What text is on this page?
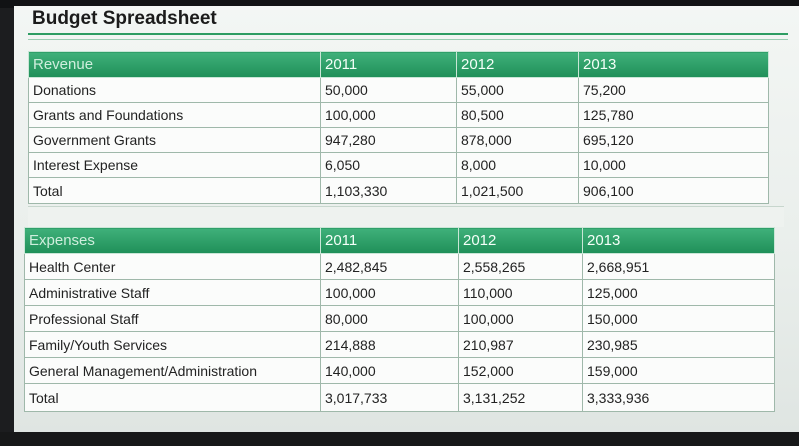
Budget Spreadsheet
Revenue	2011	2012	2013
Donations	50,000	55,000	75,200
Grants and Foundations	100,000	80,500	125,780
Government Grants	947,280	878,000	695,120
Interest Expense	6,050	8,000	10,000
Total	1,103,330	1,021,500	906,100
Expenses	2011	2012	2013
Health Center	2,482,845	2,558,265	2,668,951
Administrative Staff	100,000	110,000	125,000
Professional Staff	80,000	100,000	150,000
Family/Youth Services	214,888	210,987	230,985
General Management/Administration	140,000	152,000	159,000
Total	3,017,733	3,131,252	3,333,936
